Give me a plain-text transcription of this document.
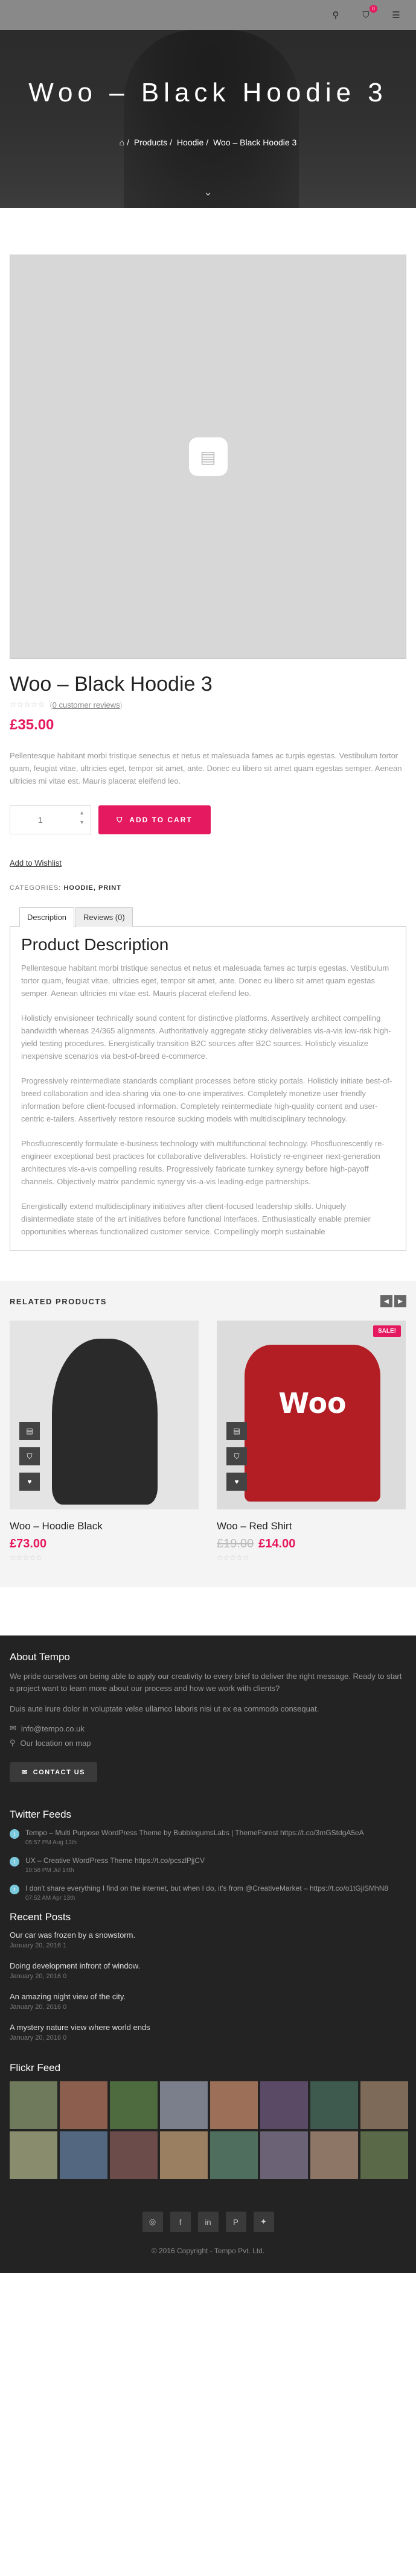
Woo – Black Hoodie 3
⌂ / Products / Hoodie / Woo – Black Hoodie 3
⌄
⚲	⛉
0
☰
▤
Woo – Black Hoodie 3
☆☆☆☆☆ (0 customer reviews)
£35.00

Pellentesque habitant morbi tristique senectus et netus et malesuada fames ac turpis egestas. Vestibulum tortor quam, feugiat vitae, ultricies eget, tempor sit amet, ante. Donec eu libero sit amet quam egestas semper. Aenean ultricies mi vitae est. Mauris placerat eleifend leo.

1
▲
▼	⛉ ADD TO CART
Add to Wishlist
CATEGORIES: HOODIE, PRINT
Description	Reviews (0)
Product Description

Pellentesque habitant morbi tristique senectus et netus et malesuada fames ac turpis egestas. Vestibulum tortor quam, feugiat vitae, ultricies eget, tempor sit amet, ante. Donec eu libero sit amet quam egestas semper. Aenean ultricies mi vitae est. Mauris placerat eleifend leo.

Holisticly envisioneer technically sound content for distinctive platforms. Assertively architect compelling bandwidth whereas 24/365 alignments. Authoritatively aggregate sticky deliverables vis-a-vis low-risk high-yield testing procedures. Energistically transition B2C sources after B2C sources. Holisticly visualize inexpensive scenarios via best-of-breed e-commerce.

Progressively reintermediate standards compliant processes before sticky portals. Holisticly initiate best-of-breed collaboration and idea-sharing via one-to-one imperatives. Completely monetize user friendly information before client-focused information. Completely reintermediate high-quality content and user-centric e-tailers. Assertively restore resource sucking models with multidisciplinary technology.

Phosfluorescently formulate e-business technology with multifunctional technology. Phosfluorescently re-engineer exceptional best practices for collaborative deliverables. Holisticly re-engineer next-generation architectures vis-a-vis compelling results. Progressively fabricate turnkey synergy before high-payoff channels. Objectively matrix pandemic synergy vis-a-vis leading-edge partnerships.

Energistically extend multidisciplinary initiatives after client-focused leadership skills. Uniquely disintermediate state of the art initiatives before functional interfaces. Enthusiastically enable premier opportunities whereas functionalized customer service. Compellingly morph sustainable

RELATED PRODUCTS	◀	▶
▤
⛉
♥
Woo – Hoodie Black
£73.00
☆☆☆☆☆
Woo
SALE!
▤
⛉
♥
Woo – Red Shirt
£19.00 £14.00
☆☆☆☆☆
About Tempo

We pride ourselves on being able to apply our creativity to every brief to deliver the right message. Ready to start a project want to learn more about our process and how we work with clients?

Duis aute irure dolor in voluptate velse ullamco laboris nisi ut ex ea commodo consequat.

✉ info@tempo.co.uk
⚲ Our location on map
✉ CONTACT US
Twitter Feeds
t	Tempo – Multi Purpose WordPress Theme by BubblegumsLabs | ThemeForest https://t.co/3mGStdgA5eA
05:57 PM Aug 13th
t	UX – Creative WordPress Theme https://t.co/pcszlPjjCV
10:58 PM Jul 14th
t	I don't share everything I find on the internet, but when I do, it's from @CreativeMarket – https://t.co/o1tGjiSMhN8
07:52 AM Apr 13th
Recent Posts
Our car was frozen by a snowstorm.
January 20, 2016 1
Doing development infront of window.
January 20, 2016 0
An amazing night view of the city.
January 20, 2016 0
A mystery nature view where world ends
January 20, 2016 0
Flickr Feed
◎	f	in	P	✦
© 2016 Copyright - Tempo Pvt. Ltd.
